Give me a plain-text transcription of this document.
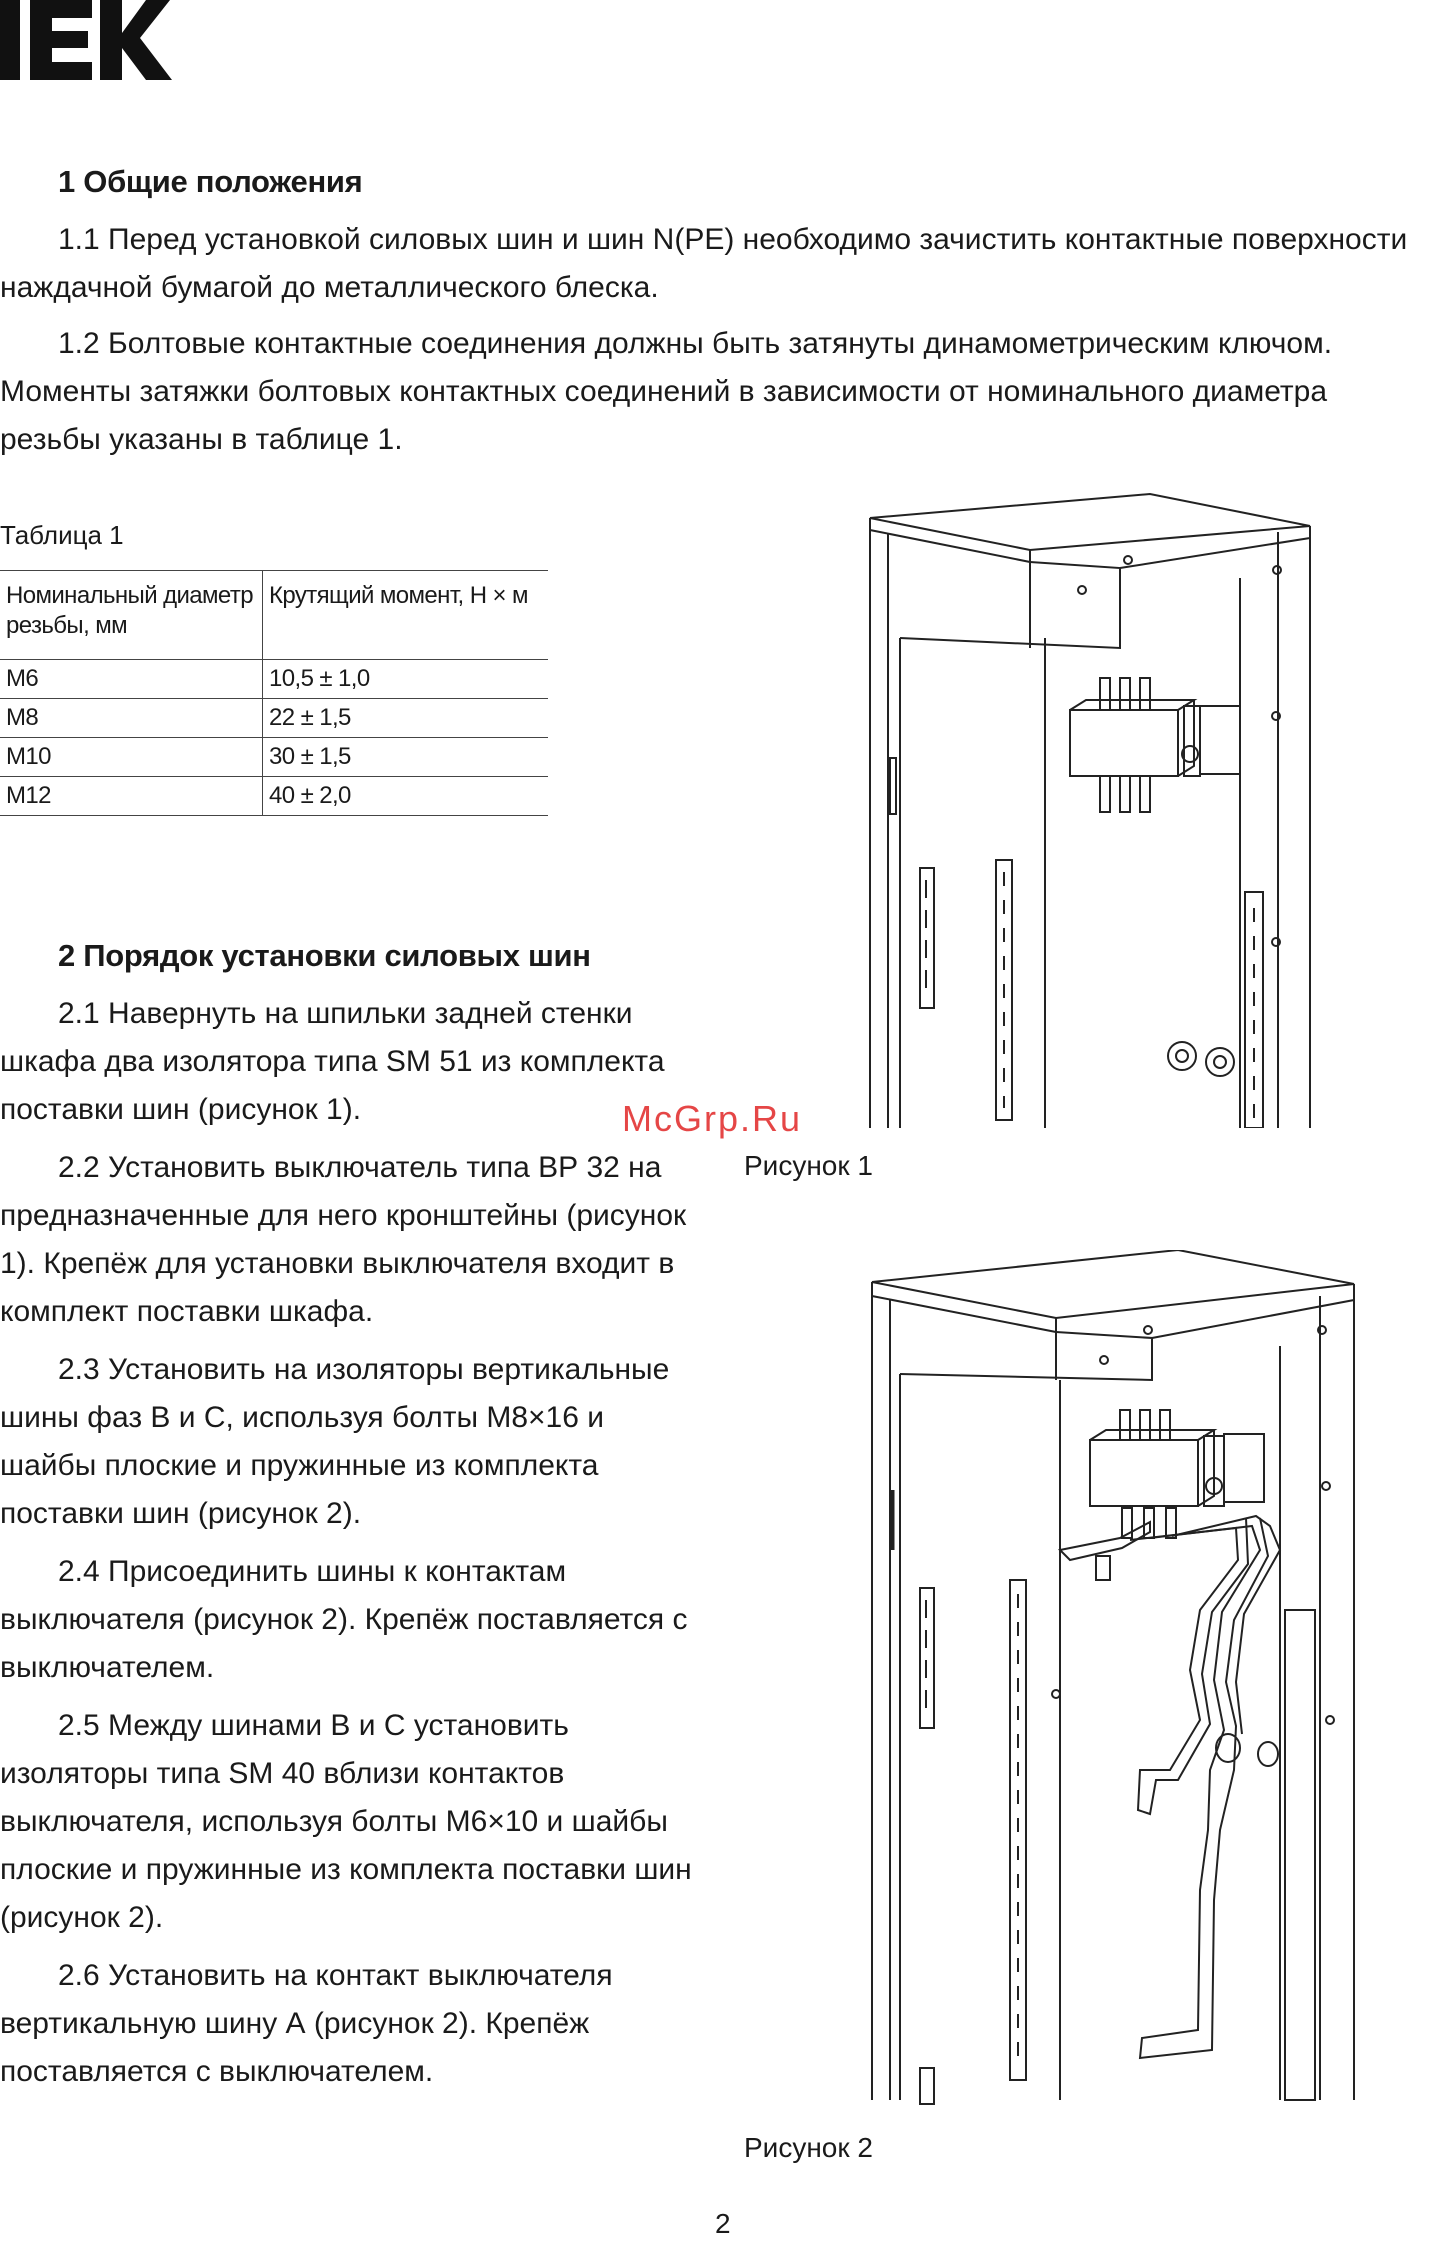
1 Общие положения
1.1 Перед установкой силовых шин и шин N(PE) необходимо зачистить контактные поверхности наждачной бумагой до металлического блеска.
1.2 Болтовые контактные соединения должны быть затянуты динамометрическим ключом. Моменты затяжки болтовых контактных соединений в зависимости от номинального диаметра резьбы указаны в таблице 1.
Таблица 1
Номинальный диаметр резьбы, мм	Крутящий момент, Н × м
М6	10,5 ± 1,0
М8	22 ± 1,5
М10	30 ± 1,5
М12	40 ± 2,0
2 Порядок установки силовых шин

2.1 Навернуть на шпильки задней стенки шкафа два изолятора типа SM 51 из комплекта поставки шин (рисунок 1).

2.2 Установить выключатель типа ВР 32 на предназначенные для него кронштейны (рисунок 1). Крепёж для установки выключателя входит в комплект поставки шкафа.

2.3 Установить на изоляторы вертикальные шины фаз В и С, используя болты М8×16 и шайбы плоские и пружинные из комплекта поставки шин (рисунок 2).

2.4 Присоединить шины к контактам выключателя (рисунок 2). Крепёж поставляется с выключателем.

2.5 Между шинами В и С установить изоляторы типа SM 40 вблизи контактов выключателя, используя болты М6×10 и шайбы плоские и пружинные из комплекта поставки шин (рисунок 2).

2.6 Установить на контакт выключателя вертикальную шину А (рисунок 2). Крепёж поставляется с выключателем.

Рисунок 1
Рисунок 2
McGrp.Ru
2
